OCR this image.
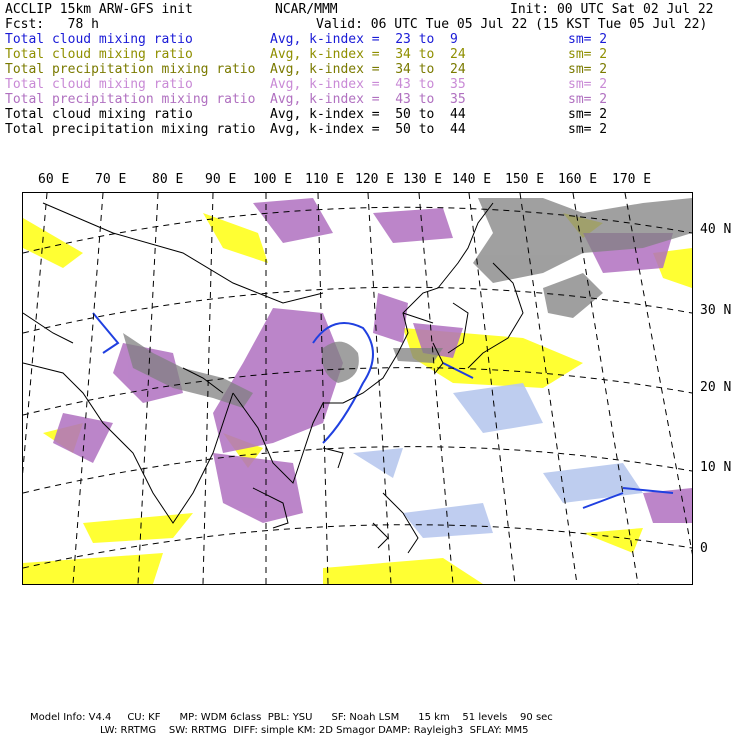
ACCLIP 15km ARW-GFS init	NCAR/MMM	Init: 00 UTC Sat 02 Jul 22
Fcst:   78 h	Valid: 06 UTC Tue 05 Jul 22 (15 KST Tue 05 Jul 22)
Total cloud mixing ratio	Avg, k-index =  23 to  9	sm= 2
Total cloud mixing ratio	Avg, k-index =  34 to  24	sm= 2
Total precipitation mixing ratio Avg, k-index =  34 to  24	sm= 2
Total cloud mixing ratio	Avg, k-index =  43 to  35	sm= 2
Total precipitation mixing ratio Avg, k-index =  43 to  35	sm= 2
Total cloud mixing ratio	Avg, k-index =  50 to  44	sm= 2
Total precipitation mixing ratio Avg, k-index =  50 to  44	sm= 2
60 E 70 E 80 E 90 E 100 E 110 E 120 E 130 E 140 E 150 E 160 E 170 E
40 N
30 N
20 N
10 N
0
Model Info: V4.4     CU: KF      MP: WDM 6class  PBL: YSU      SF: Noah LSM      15 km    51 levels    90 sec
LW: RRTMG    SW: RRTMG  DIFF: simple KM: 2D Smagor DAMP: Rayleigh3  SFLAY: MM5
